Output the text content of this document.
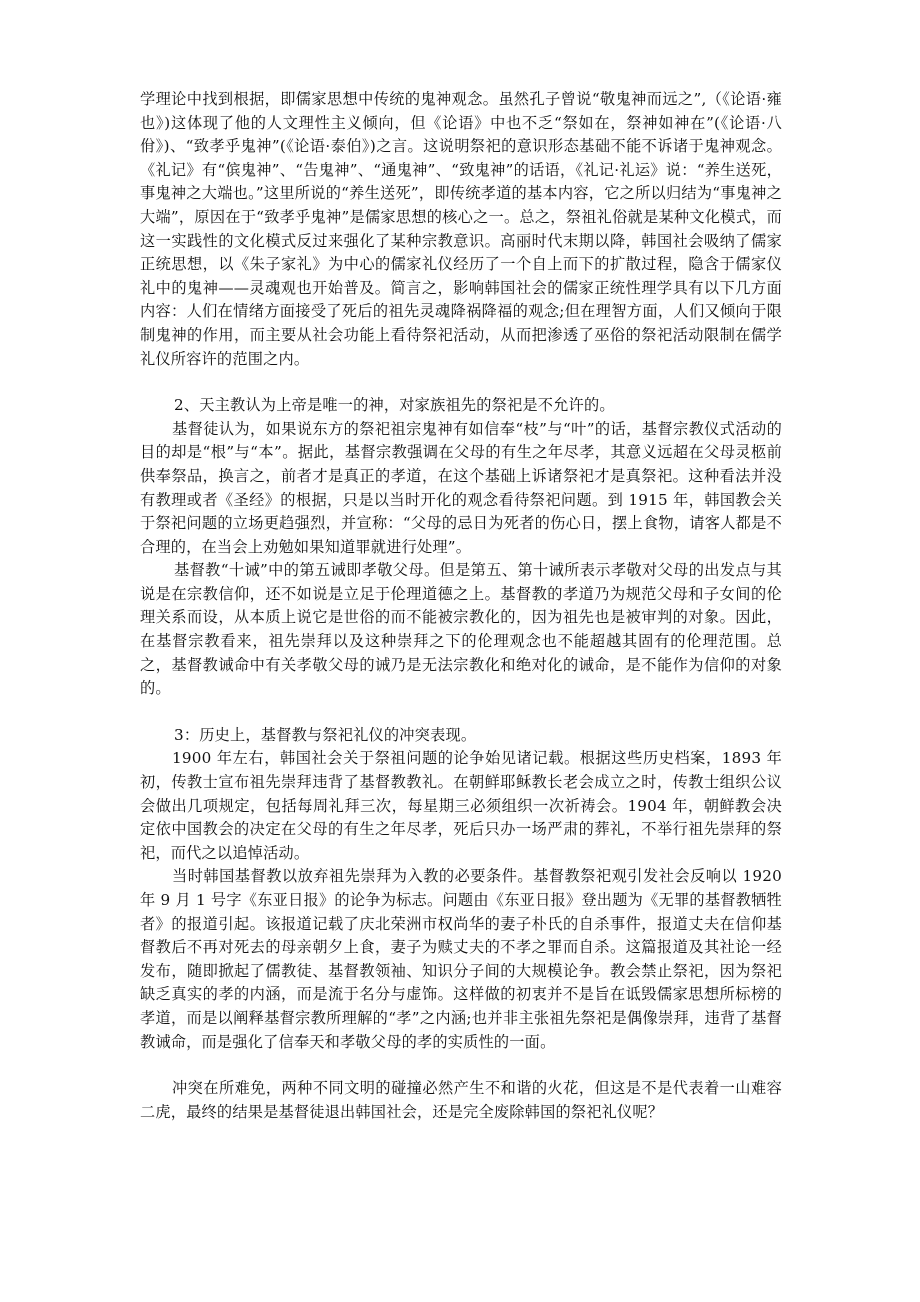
学理论中找到根据，即儒家思想中传统的鬼神观念。虽然孔子曾说“敬鬼神而远之”,（《论语·雍也》)这体现了他的人文理性主义倾向，但《论语》中也不乏“祭如在，祭神如神在”(《论语·八佾》)、“致孝乎鬼神”(《论语·泰伯》)之言。这说明祭祀的意识形态基础不能不诉诸于鬼神观念。《礼记》有“傧鬼神”、“告鬼神”、“通鬼神”、“致鬼神”的话语，《礼记·礼运》说：“养生送死，事鬼神之大端也。”这里所说的“养生送死”，即传统孝道的基本内容，它之所以归结为“事鬼神之大端”，原因在于“致孝乎鬼神”是儒家思想的核心之一。总之，祭祖礼俗就是某种文化模式，而这一实践性的文化模式反过来强化了某种宗教意识。高丽时代末期以降，韩国社会吸纳了儒家正统思想，以《朱子家礼》为中心的儒家礼仪经历了一个自上而下的扩散过程，隐含于儒家仪礼中的鬼神——灵魂观也开始普及。简言之，影响韩国社会的儒家正统性理学具有以下几方面内容：人们在情绪方面接受了死后的祖先灵魂降祸降福的观念;但在理智方面，人们又倾向于限制鬼神的作用，而主要从社会功能上看待祭祀活动，从而把渗透了巫俗的祭祀活动限制在儒学礼仪所容许的范围之内。

2、天主教认为上帝是唯一的神，对家族祖先的祭祀是不允许的。

基督徒认为，如果说东方的祭祀祖宗鬼神有如信奉“枝”与“叶”的话，基督宗教仪式活动的目的却是“根”与“本”。据此，基督宗教强调在父母的有生之年尽孝，其意义远超在父母灵柩前供奉祭品，换言之，前者才是真正的孝道，在这个基础上诉诸祭祀才是真祭祀。这种看法并没有教理或者《圣经》的根据，只是以当时开化的观念看待祭祀问题。到 1915 年，韩国教会关于祭祀问题的立场更趋强烈，并宣称：“父母的忌日为死者的伤心日，摆上食物，请客人都是不合理的，在当会上劝勉如果知道罪就进行处理”。

基督教“十诫”中的第五诫即孝敬父母。但是第五、第十诫所表示孝敬对父母的出发点与其说是在宗教信仰，还不如说是立足于伦理道德之上。基督教的孝道乃为规范父母和子女间的伦理关系而设，从本质上说它是世俗的而不能被宗教化的，因为祖先也是被审判的对象。因此，在基督宗教看来，祖先崇拜以及这种崇拜之下的伦理观念也不能超越其固有的伦理范围。总之，基督教诫命中有关孝敬父母的诫乃是无法宗教化和绝对化的诫命，是不能作为信仰的对象的。

3：历史上，基督教与祭祀礼仪的冲突表现。

1900 年左右，韩国社会关于祭祖问题的论争始见诸记载。根据这些历史档案，1893 年初，传教士宣布祖先崇拜违背了基督教教礼。在朝鲜耶稣教长老会成立之时，传教士组织公议会做出几项规定，包括每周礼拜三次，每星期三必须组织一次祈祷会。1904 年，朝鲜教会决定依中国教会的决定在父母的有生之年尽孝，死后只办一场严肃的葬礼，不举行祖先崇拜的祭祀，而代之以追悼活动。

当时韩国基督教以放弃祖先崇拜为入教的必要条件。基督教祭祀观引发社会反响以 1920 年 9 月 1 号字《东亚日报》的论争为标志。问题由《东亚日报》登出题为《无罪的基督教牺牲者》的报道引起。该报道记载了庆北荣洲市权尚华的妻子朴氏的自杀事件，报道丈夫在信仰基督教后不再对死去的母亲朝夕上食，妻子为赎丈夫的不孝之罪而自杀。这篇报道及其社论一经发布，随即掀起了儒教徒、基督教领袖、知识分子间的大规模论争。教会禁止祭祀，因为祭祀缺乏真实的孝的内涵，而是流于名分与虚饰。这样做的初衷并不是旨在诋毁儒家思想所标榜的孝道，而是以阐释基督宗教所理解的“孝”之内涵;也并非主张祖先祭祀是偶像崇拜，违背了基督教诫命，而是强化了信奉天和孝敬父母的孝的实质性的一面。

冲突在所难免，两种不同文明的碰撞必然产生不和谐的火花，但这是不是代表着一山难容二虎，最终的结果是基督徒退出韩国社会，还是完全废除韩国的祭祀礼仪呢？
